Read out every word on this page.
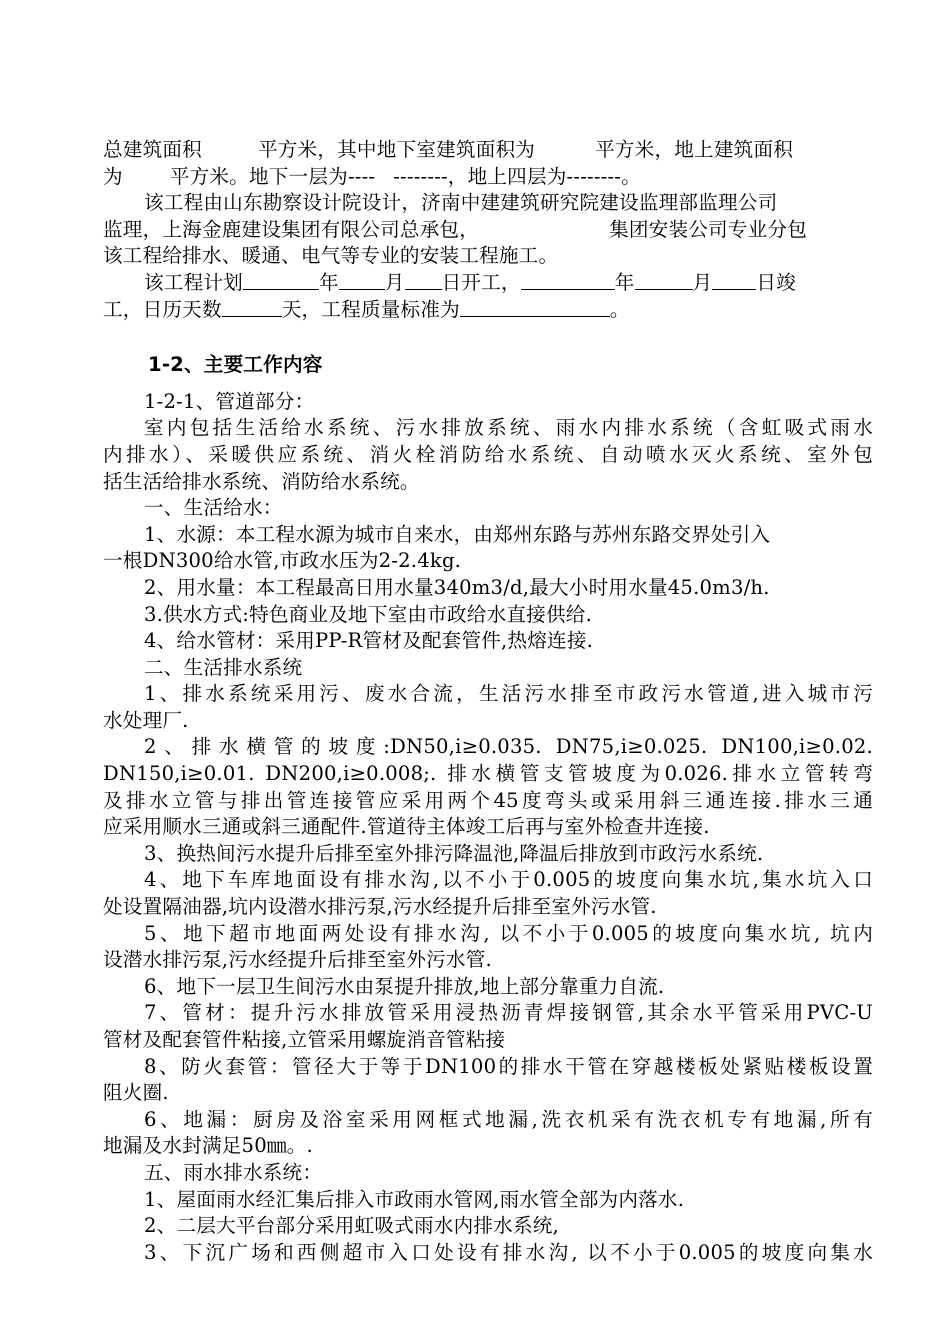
总建筑面积	平方米，其中地下室建筑面积为	平方米，地上建筑面积
为 平方米。地下一层为---- --------，地上四层为--------。
该工程由山东勘察设计院设计，济南中建建筑研究院建设监理部监理公司
监理，上海金鹿建设集团有限公司总承包，	集团安装公司专业分包
该工程给排水、暖通、电气等专业的安装工程施工。
该工程计划	年 月 日开工，	年	月 日竣
工，日历天数	天，工程质量标准为	。
1-2、主要工作内容
1-2-1、管道部分：
室内包括生活给水系统、污水排放系统、雨水内排水系统（含虹吸式雨水
内排水）、采暖供应系统、消火栓消防给水系统、自动喷水灭火系统、室外包
括生活给排水系统、消防给水系统。
一、生活给水：
1、水源：本工程水源为城市自来水，由郑州东路与苏州东路交界处引入
一根DN300给水管,市政水压为2-2.4kg.
2、用水量：本工程最高日用水量340m3/d,最大小时用水量45.0m3/h.
3.供水方式:特色商业及地下室由市政给水直接供给.
4、给水管材：采用PP-R管材及配套管件,热熔连接.
二、生活排水系统
1、排水系统采用污、废水合流，生活污水排至市政污水管道,进入城市污
水处理厂.
2、排水横管的坡度:DN50,i≥0.035. DN75,i≥0.025. DN100,i≥0.02.
DN150,i≥0.01. DN200,i≥0.008;. 排水横管支管坡度为0.026.排水立管转弯
及排水立管与排出管连接管应采用两个45度弯头或采用斜三通连接.排水三通
应采用顺水三通或斜三通配件.管道待主体竣工后再与室外检查井连接.
3、换热间污水提升后排至室外排污降温池,降温后排放到市政污水系统.
4、地下车库地面设有排水沟,以不小于0.005的坡度向集水坑,集水坑入口
处设置隔油器,坑内设潜水排污泵,污水经提升后排至室外污水管.
5、地下超市地面两处设有排水沟, 以不小于0.005的坡度向集水坑, 坑内
设潜水排污泵,污水经提升后排至室外污水管.
6、地下一层卫生间污水由泵提升排放,地上部分靠重力自流.
7、管材：提升污水排放管采用浸热沥青焊接钢管,其余水平管采用PVC-U
管材及配套管件粘接,立管采用螺旋消音管粘接
8、防火套管：管径大于等于DN100的排水干管在穿越楼板处紧贴楼板设置
阻火圈.
6、地漏：厨房及浴室采用网框式地漏,洗衣机采有洗衣机专有地漏,所有
地漏及水封满足50㎜。.
五、雨水排水系统：
1、屋面雨水经汇集后排入市政雨水管网,雨水管全部为内落水.
2、二层大平台部分采用虹吸式雨水内排水系统,
3、下沉广场和西侧超市入口处设有排水沟, 以不小于0.005的坡度向集水
